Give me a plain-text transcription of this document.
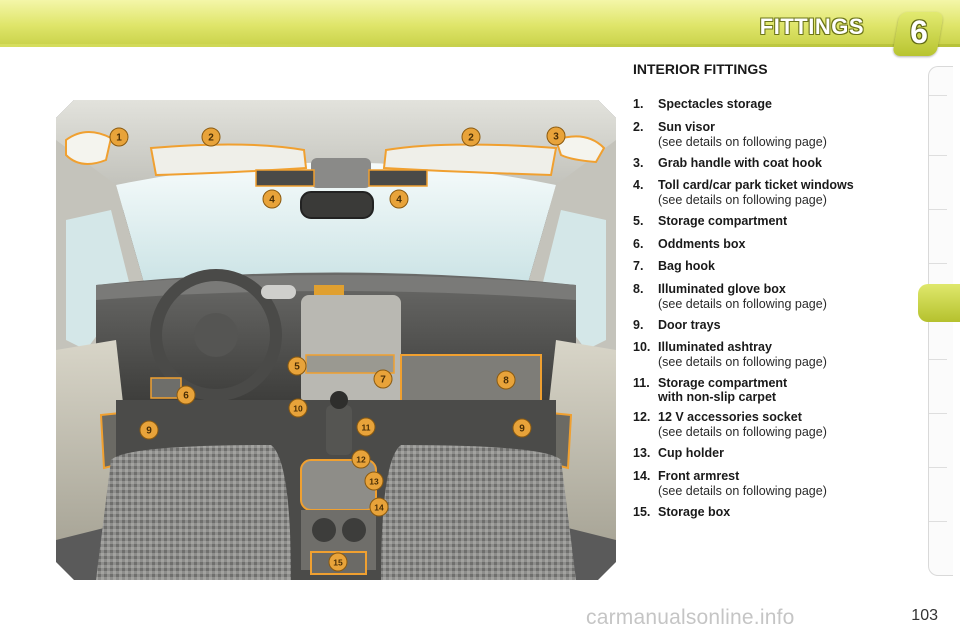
FITTINGS	6
1	2	2	3
4	4
5
6
7	8
9	9
10
11
12
13
14
15
INTERIOR FITTINGS
1.	Spectacles storage
2.	Sun visor
(see details on following page)
3.	Grab handle with coat hook
4.	Toll card/car park ticket windows
(see details on following page)
5.	Storage compartment
6.	Oddments box
7.	Bag hook
8.	Illuminated glove box
(see details on following page)
9.	Door trays
10. Illuminated ashtray
(see details on following page)
11. Storage compartment
with non-slip carpet
12. 12 V accessories socket
(see details on following page)
13. Cup holder
14. Front armrest
(see details on following page)
15. Storage box
103
carmanualsonline.info
